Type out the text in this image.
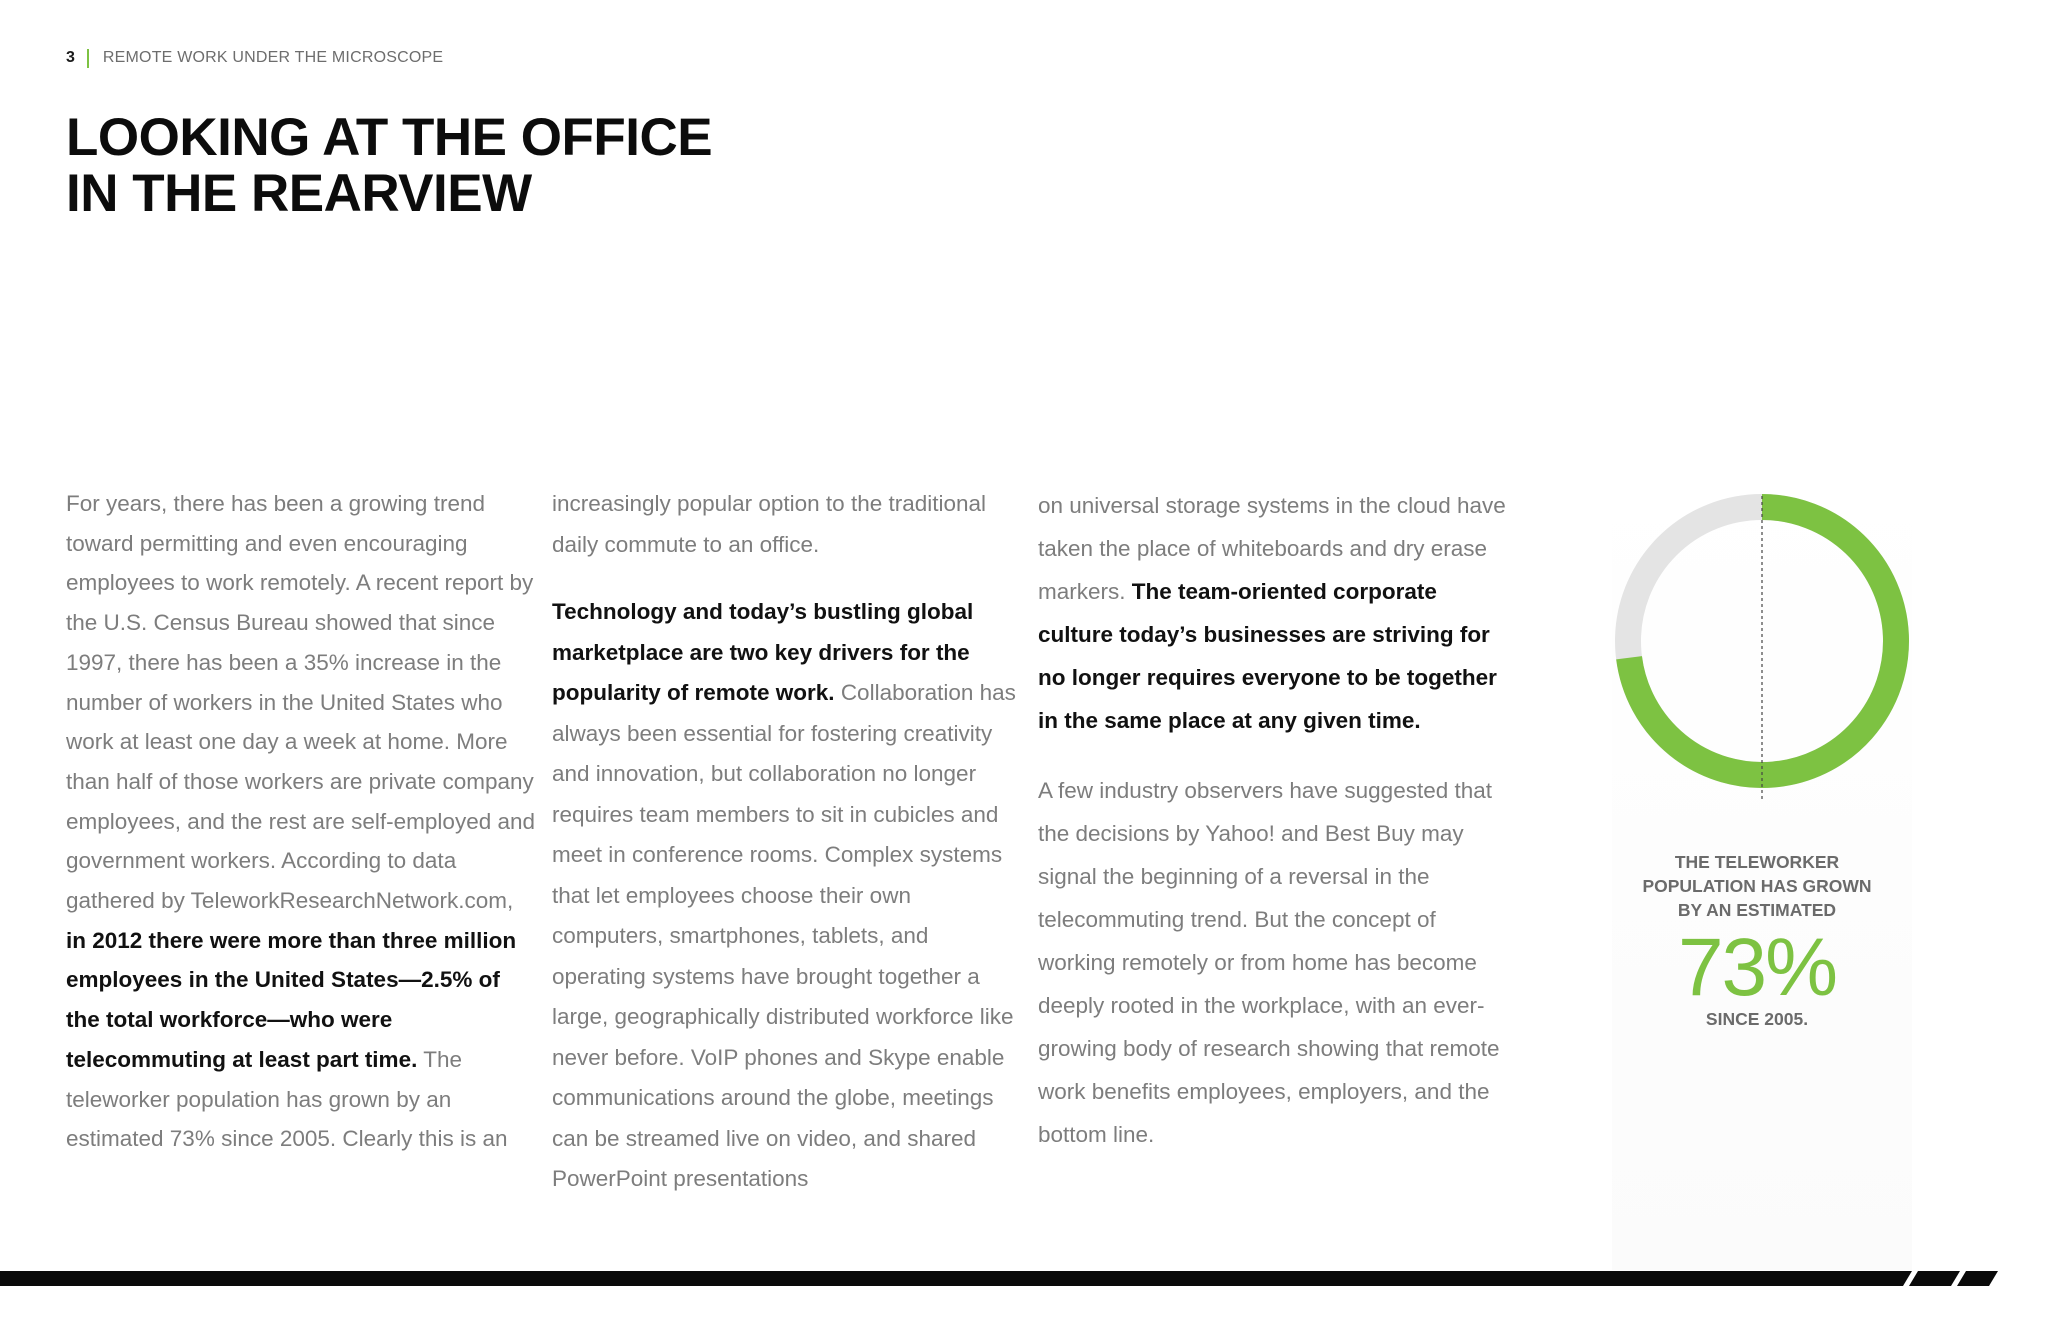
3 REMOTE WORK UNDER THE MICROSCOPE
LOOKING AT THE OFFICE
IN THE REARVIEW

For years, there has been a growing trend toward permitting and even encouraging employees to work remotely. A recent report by the U.S. Census Bureau showed that since 1997, there has been a 35% increase in the number of workers in the United States who work at least one day a week at home. More than half of those workers are private company employees, and the rest are self-employed and government workers. According to data gathered by TeleworkResearchNetwork.com, in 2012 there were more than three million employees in the United States—2.5% of the total workforce—who were telecommuting at least part time. The teleworker population has grown by an estimated 73% since 2005. Clearly this is an

increasingly popular option to the traditional daily commute to an office.

Technology and today’s bustling global marketplace are two key drivers for the popularity of remote work. Collaboration has always been essential for fostering creativity and innovation, but collaboration no longer requires team members to sit in cubicles and meet in conference rooms. Complex systems that let employees choose their own computers, smartphones, tablets, and operating systems have brought together a large, geographically distributed workforce like never before. VoIP phones and Skype enable communications around the globe, meetings can be streamed live on video, and shared PowerPoint presentations

on universal storage systems in the cloud have taken the place of whiteboards and dry erase markers. The team-oriented corporate culture today’s businesses are striving for no longer requires everyone to be together in the same place at any given time.

A few industry observers have suggested that the decisions by Yahoo! and Best Buy may signal the beginning of a reversal in the telecommuting trend. But the concept of working remotely or from home has become deeply rooted in the workplace, with an ever-growing body of research showing that remote work benefits employees, employers, and the bottom line.

THE TELEWORKER POPULATION HAS GROWN BY AN ESTIMATED
73%
SINCE 2005.
